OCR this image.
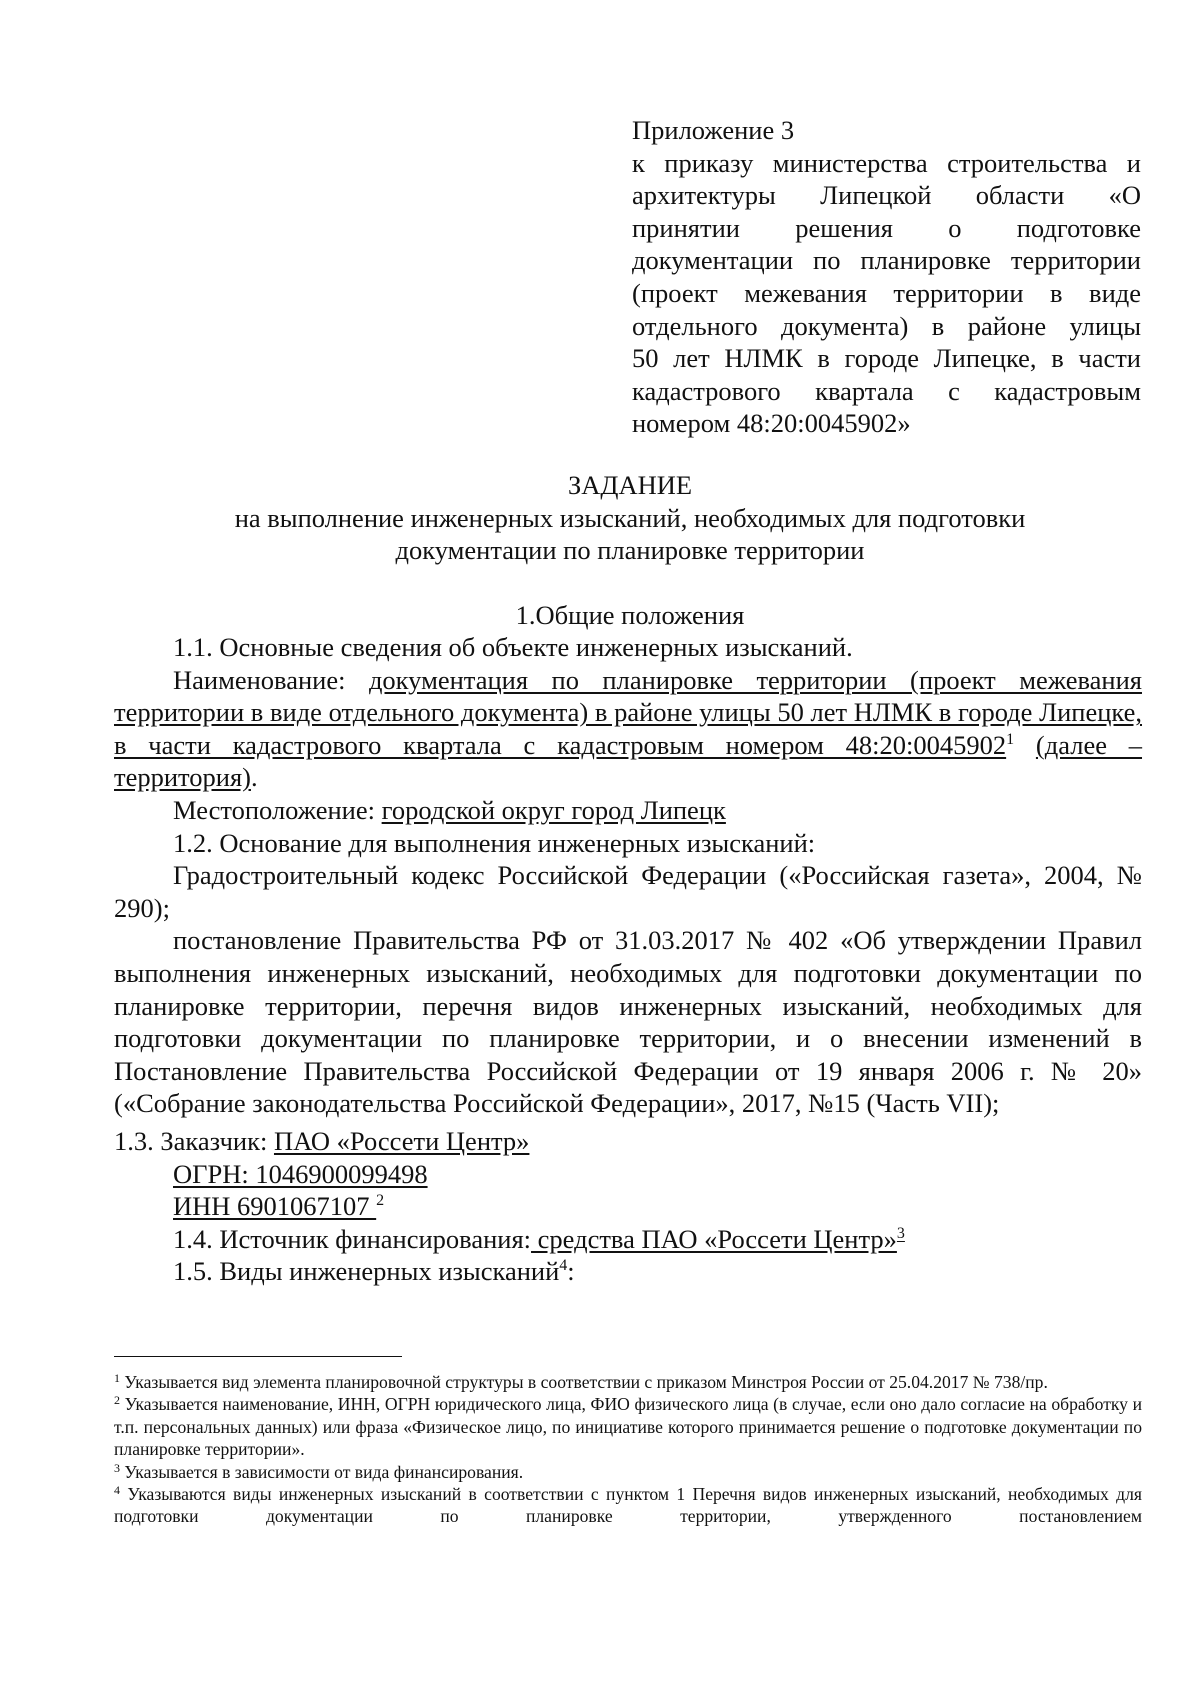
Приложение 3
к приказу министерства строительства и
архитектуры Липецкой области «О
принятии решения о подготовке
документации по планировке территории
(проект межевания территории в виде
отдельного документа) в районе улицы
50 лет НЛМК в городе Липецке, в части
кадастрового квартала с кадастровым
номером 48:20:0045902»
ЗАДАНИЕ
на выполнение инженерных изысканий, необходимых для подготовки
документации по планировке территории
1.Общие положения
1.1. Основные сведения об объекте инженерных изысканий.
Наименование: документация по планировке территории (проект межевания территории в виде отдельного документа) в районе улицы 50 лет НЛМК в городе Липецке, в части кадастрового квартала с кадастровым номером 48:20:0045902$^1$ (далее – территория).
Местоположение: городской округ город Липецк
1.2. Основание для выполнения инженерных изысканий:
Градостроительный кодекс Российской Федерации («Российская газета», 2004, № 290);
постановление Правительства РФ от 31.03.2017 № 402 «Об утверждении Правил выполнения инженерных изысканий, необходимых для подготовки документации по планировке территории, перечня видов инженерных изысканий, необходимых для подготовки документации по планировке территории, и о внесении изменений в Постановление Правительства Российской Федерации от 19 января 2006 г. № 20» («Собрание законодательства Российской Федерации», 2017, №15 (Часть VII);
1.3. Заказчик: ПАО «Россети Центр»
ОГРН: 1046900099498
ИНН 6901067107 $^2$
1.4. Источник финансирования: средства ПАО «Россети Центр»$^3$
1.5. Виды инженерных изысканий$^4$:
$^1$ Указывается вид элемента планировочной структуры в соответствии с приказом Минстроя России от 25.04.2017 № 738/пр.
$^2$ Указывается наименование, ИНН, ОГРН юридического лица, ФИО физического лица (в случае, если оно дало согласие на обработку и т.п. персональных данных) или фраза «Физическое лицо, по инициативе которого принимается решение о подготовке документации по планировке территории».
$^3$ Указывается в зависимости от вида финансирования.
$^4$ Указываются виды инженерных изысканий в соответствии с пунктом 1 Перечня видов инженерных изысканий, необходимых для подготовки документации по планировке территории, утвержденного постановлением
